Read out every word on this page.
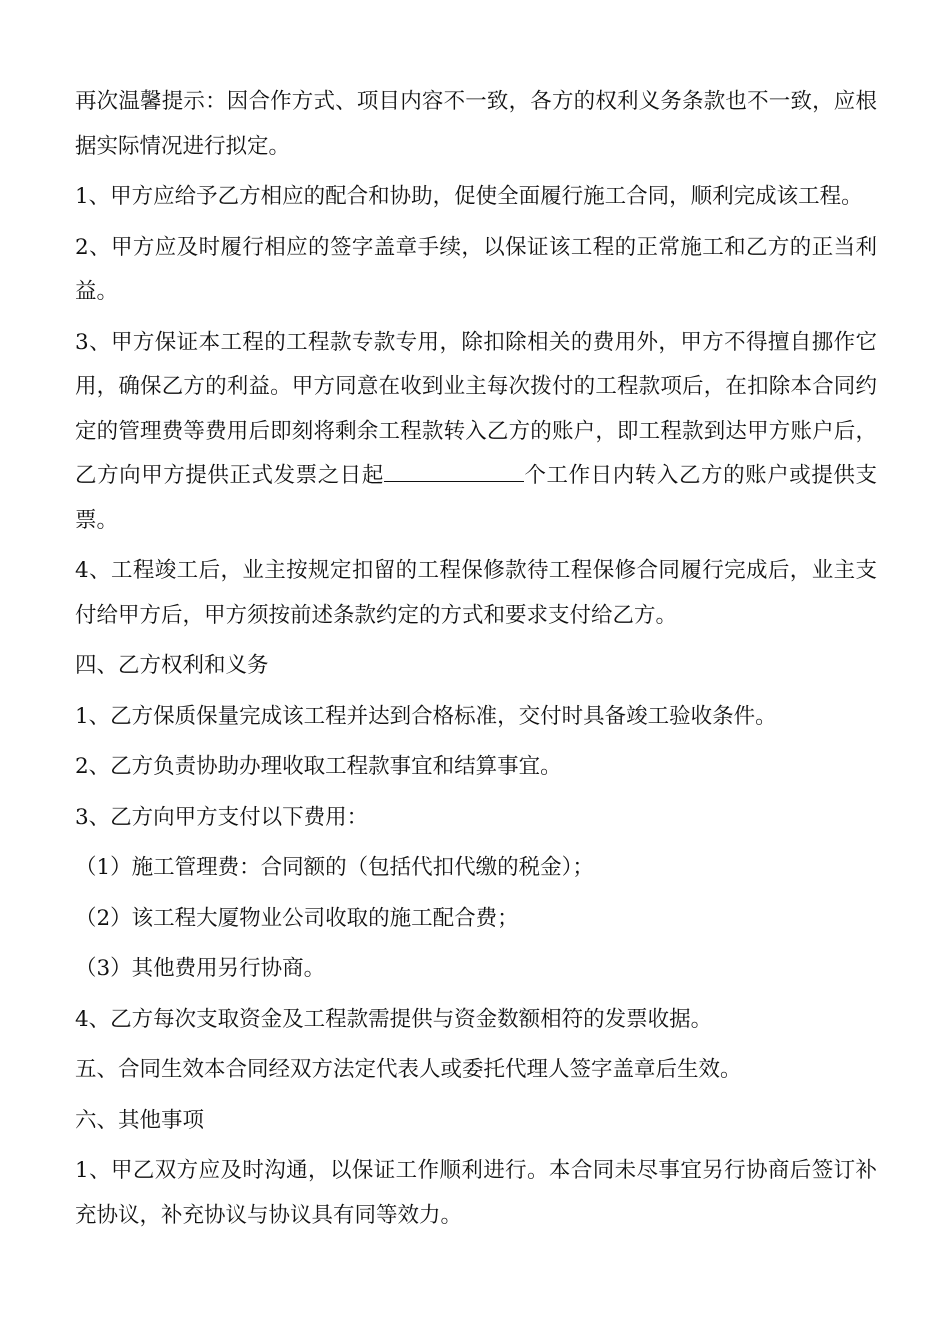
再次温馨提示：因合作方式、项目内容不一致，各方的权利义务条款也不一致，应根据实际情况进行拟定。

1、甲方应给予乙方相应的配合和协助，促使全面履行施工合同，顺利完成该工程。

2、甲方应及时履行相应的签字盖章手续，以保证该工程的正常施工和乙方的正当利益。

3、甲方保证本工程的工程款专款专用，除扣除相关的费用外，甲方不得擅自挪作它用，确保乙方的利益。甲方同意在收到业主每次拨付的工程款项后，在扣除本合同约定的管理费等费用后即刻将剩余工程款转入乙方的账户，即工程款到达甲方账户后，乙方向甲方提供正式发票之日起	个工作日内转入乙方的账户或提供支票。

4、工程竣工后，业主按规定扣留的工程保修款待工程保修合同履行完成后，业主支付给甲方后，甲方须按前述条款约定的方式和要求支付给乙方。

四、乙方权利和义务

1、乙方保质保量完成该工程并达到合格标准，交付时具备竣工验收条件。

2、乙方负责协助办理收取工程款事宜和结算事宜。

3、乙方向甲方支付以下费用：

（1）施工管理费：合同额的（包括代扣代缴的税金）；

（2）该工程大厦物业公司收取的施工配合费；

（3）其他费用另行协商。

4、乙方每次支取资金及工程款需提供与资金数额相符的发票收据。

五、合同生效本合同经双方法定代表人或委托代理人签字盖章后生效。

六、其他事项

1、甲乙双方应及时沟通，以保证工作顺利进行。本合同未尽事宜另行协商后签订补充协议，补充协议与协议具有同等效力。
